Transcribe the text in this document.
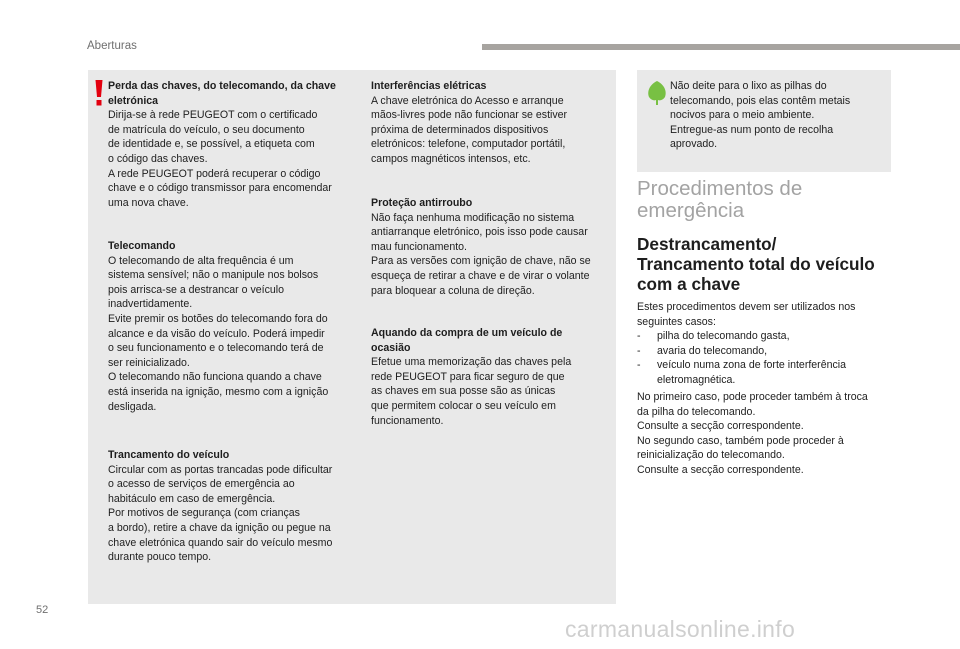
Aberturas
Perda das chaves, do telecomando, da chave eletrónica
Dirija-se à rede PEUGEOT com o certificado
de matrícula do veículo, o seu documento
de identidade e, se possível, a etiqueta com
o código das chaves.
A rede PEUGEOT poderá recuperar o código
chave e o código transmissor para encomendar
uma nova chave.
Telecomando
O telecomando de alta frequência é um
sistema sensível; não o manipule nos bolsos
pois arrisca-se a destrancar o veículo
inadvertidamente.
Evite premir os botões do telecomando fora do
alcance e da visão do veículo. Poderá impedir
o seu funcionamento e o telecomando terá de
ser reinicializado.
O telecomando não funciona quando a chave
está inserida na ignição, mesmo com a ignição
desligada.
Trancamento do veículo
Circular com as portas trancadas pode dificultar
o acesso de serviços de emergência ao
habitáculo em caso de emergência.
Por motivos de segurança (com crianças
a bordo), retire a chave da ignição ou pegue na
chave eletrónica quando sair do veículo mesmo
durante pouco tempo.
Interferências elétricas
A chave eletrónica do Acesso e arranque
mãos-livres pode não funcionar se estiver
próxima de determinados dispositivos
eletrónicos: telefone, computador portátil,
campos magnéticos intensos, etc.
Proteção antirroubo
Não faça nenhuma modificação no sistema
antiarranque eletrónico, pois isso pode causar
mau funcionamento.
Para as versões com ignição de chave, não se
esqueça de retirar a chave e de virar o volante
para bloquear a coluna de direção.
Aquando da compra de um veículo de
ocasião
Efetue uma memorização das chaves pela
rede PEUGEOT para ficar seguro de que
as chaves em sua posse são as únicas
que permitem colocar o seu veículo em
funcionamento.
Não deite para o lixo as pilhas do
telecomando, pois elas contêm metais
nocivos para o meio ambiente.
Entregue-as num ponto de recolha
aprovado.
Procedimentos de
emergência
Destrancamento/
Trancamento total do veículo
com a chave
Estes procedimentos devem ser utilizados nos
seguintes casos:
- pilha do telecomando gasta,
- avaria do telecomando,
- veículo numa zona de forte interferência eletromagnética.
No primeiro caso, pode proceder também à troca
da pilha do telecomando.
Consulte a secção correspondente.
No segundo caso, também pode proceder à
reinicialização do telecomando.
Consulte a secção correspondente.
52
carmanualsonline.info
